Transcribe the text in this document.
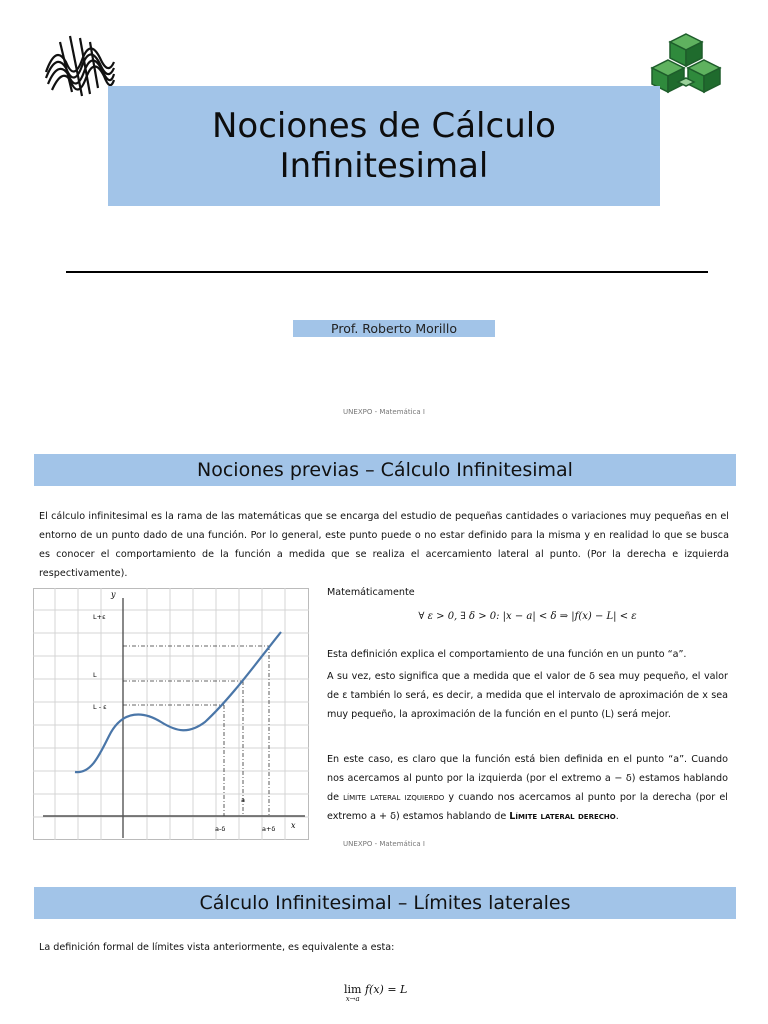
Nociones de Cálculo
Infinitesimal
Prof. Roberto Morillo
UNEXPO - Matemática I
Nociones previas – Cálculo Infinitesimal
El cálculo infinitesimal es la rama de las matemáticas que se encarga del estudio de pequeñas cantidades o variaciones muy pequeñas en el entorno de un punto dado de una función. Por lo general, este punto puede o no estar definido para la misma y en realidad lo que se busca es conocer el comportamiento de la función a medida que se realiza el acercamiento lateral al punto. (Por la derecha e izquierda respectivamente).
y
x
L+ε
L
L - ε
a-δ
a
a+δ
Matemáticamente
∀ ε > 0, ∃ δ > 0: |x − a| < δ ⇒ |f(x) − L| < ε
Esta definición explica el comportamiento de una función en un punto “a”.
A su vez, esto significa que a medida que el valor de δ sea muy pequeño, el valor de ε también lo será, es decir, a medida que el intervalo de aproximación de x sea muy pequeño, la aproximación de la función en el punto (L) será mejor.
En este caso, es claro que la función está bien definida en el punto “a”. Cuando nos acercamos al punto por la izquierda (por el extremo a − δ) estamos hablando de límite lateral izquierdo y cuando nos acercamos al punto por la derecha (por el extremo a + δ) estamos hablando de Límite lateral derecho.
UNEXPO - Matemática I
Cálculo Infinitesimal – Límites laterales
La definición formal de límites vista anteriormente, es equivalente a esta:
lim
$^{x\to a}$ f(x) = L
